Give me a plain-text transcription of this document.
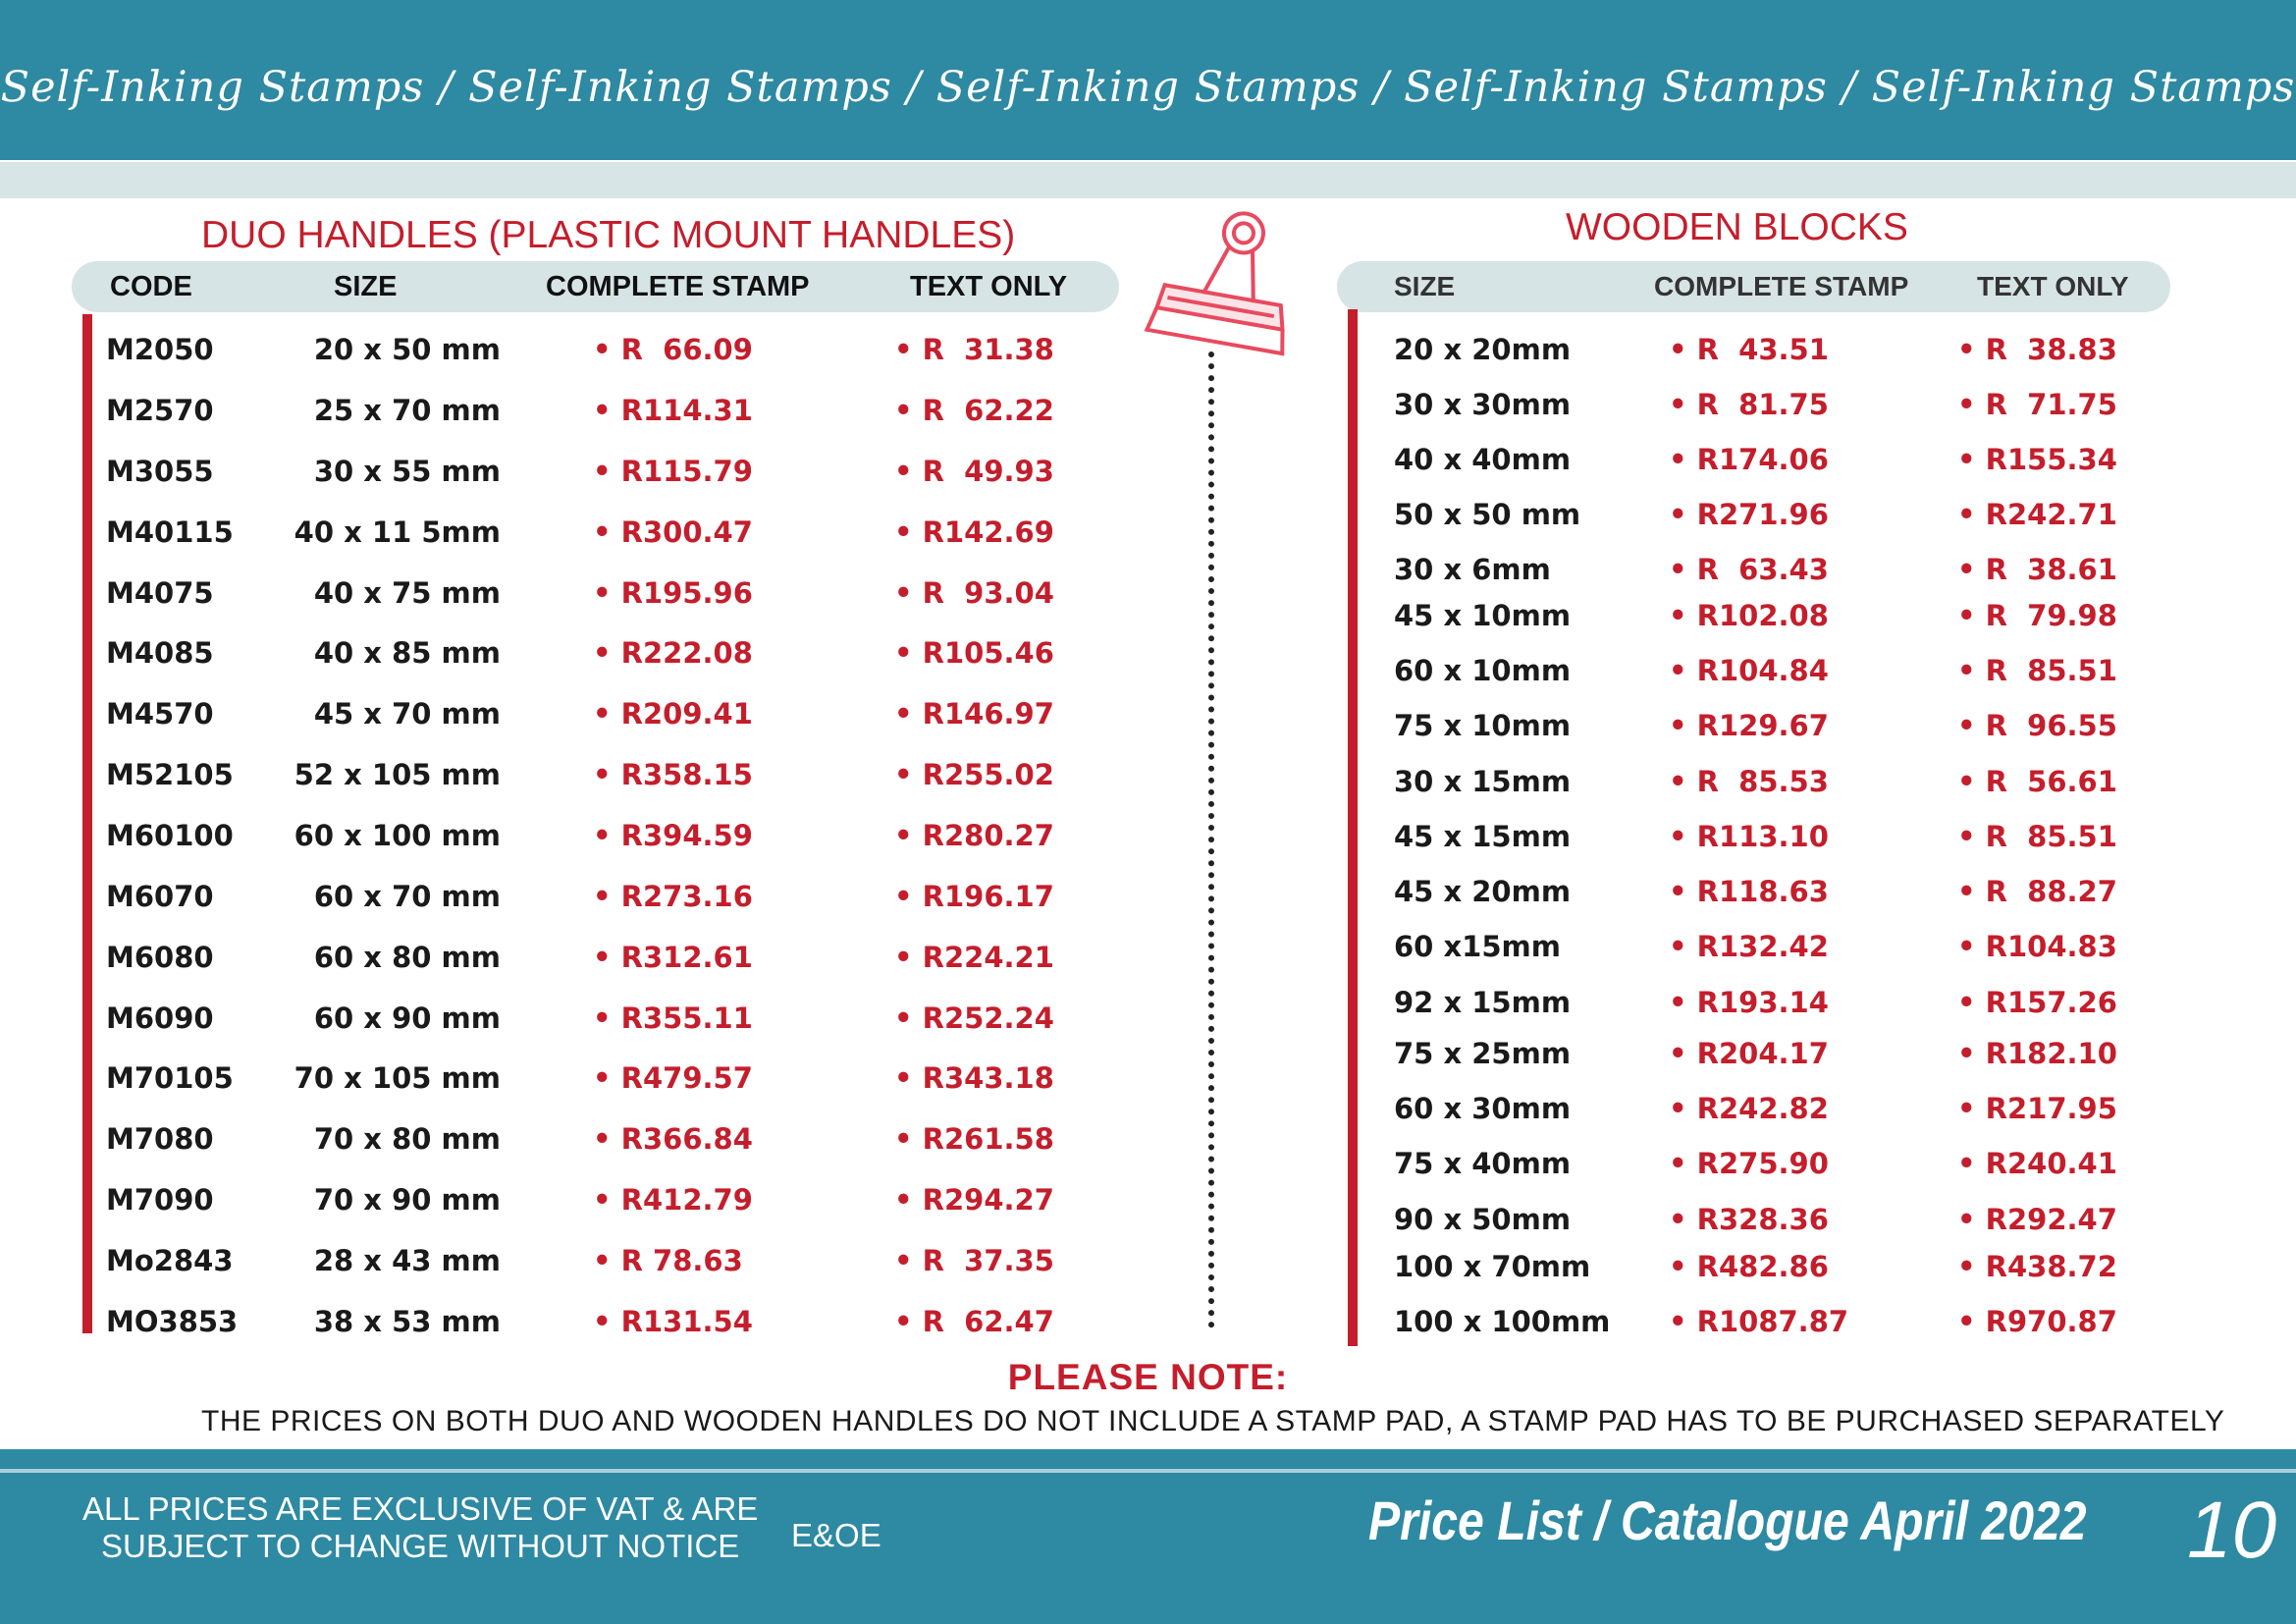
Self-Inking Stamps / Self-Inking Stamps / Self-Inking Stamps / Self-Inking Stamps / Self-Inking Stamps
DUO HANDLES (PLASTIC MOUNT HANDLES)
CODE	SIZE	COMPLETE STAMP	TEXT ONLY
M2050	20 x 50 mm	• R  66.09	• R  31.38
M2570	25 x 70 mm	• R114.31	• R  62.22
M3055	30 x 55 mm	• R115.79	• R  49.93
M40115	40 x 11 5mm	• R300.47	• R142.69
M4075	40 x 75 mm	• R195.96	• R  93.04
M4085	40 x 85 mm	• R222.08	• R105.46
M4570	45 x 70 mm	• R209.41	• R146.97
M52105	52 x 105 mm	• R358.15	• R255.02
M60100	60 x 100 mm	• R394.59	• R280.27
M6070	60 x 70 mm	• R273.16	• R196.17
M6080	60 x 80 mm	• R312.61	• R224.21
M6090	60 x 90 mm	• R355.11	• R252.24
M70105	70 x 105 mm	• R479.57	• R343.18
M7080	70 x 80 mm	• R366.84	• R261.58
M7090	70 x 90 mm	• R412.79	• R294.27
Mo2843	28 x 43 mm	• R 78.63	• R  37.35
MO3853	38 x 53 mm	• R131.54	• R  62.47
WOODEN BLOCKS
SIZE	COMPLETE STAMP TEXT ONLY
20 x 20mm	• R  43.51	• R  38.83
30 x 30mm	• R  81.75	• R  71.75
40 x 40mm	• R174.06	• R155.34
50 x 50 mm	• R271.96	• R242.71
30 x 6mm	• R  63.43	• R  38.61
45 x 10mm	• R102.08	• R  79.98
60 x 10mm	• R104.84	• R  85.51
75 x 10mm	• R129.67	• R  96.55
30 x 15mm	• R  85.53	• R  56.61
45 x 15mm	• R113.10	• R  85.51
45 x 20mm	• R118.63	• R  88.27
60 x15mm	• R132.42	• R104.83
92 x 15mm	• R193.14	• R157.26
75 x 25mm	• R204.17	• R182.10
60 x 30mm	• R242.82	• R217.95
75 x 40mm	• R275.90	• R240.41
90 x 50mm	• R328.36	• R292.47
100 x 70mm	• R482.86	• R438.72
100 x 100mm • R1087.87	• R970.87
PLEASE NOTE:
THE PRICES ON BOTH DUO AND WOODEN HANDLES DO NOT INCLUDE A STAMP PAD, A STAMP PAD HAS TO BE PURCHASED SEPARATELY
ALL PRICES ARE EXCLUSIVE OF VAT & ARE
SUBJECT TO CHANGE WITHOUT NOTICE E&OE	Price List / Catalogue April 2022 10
